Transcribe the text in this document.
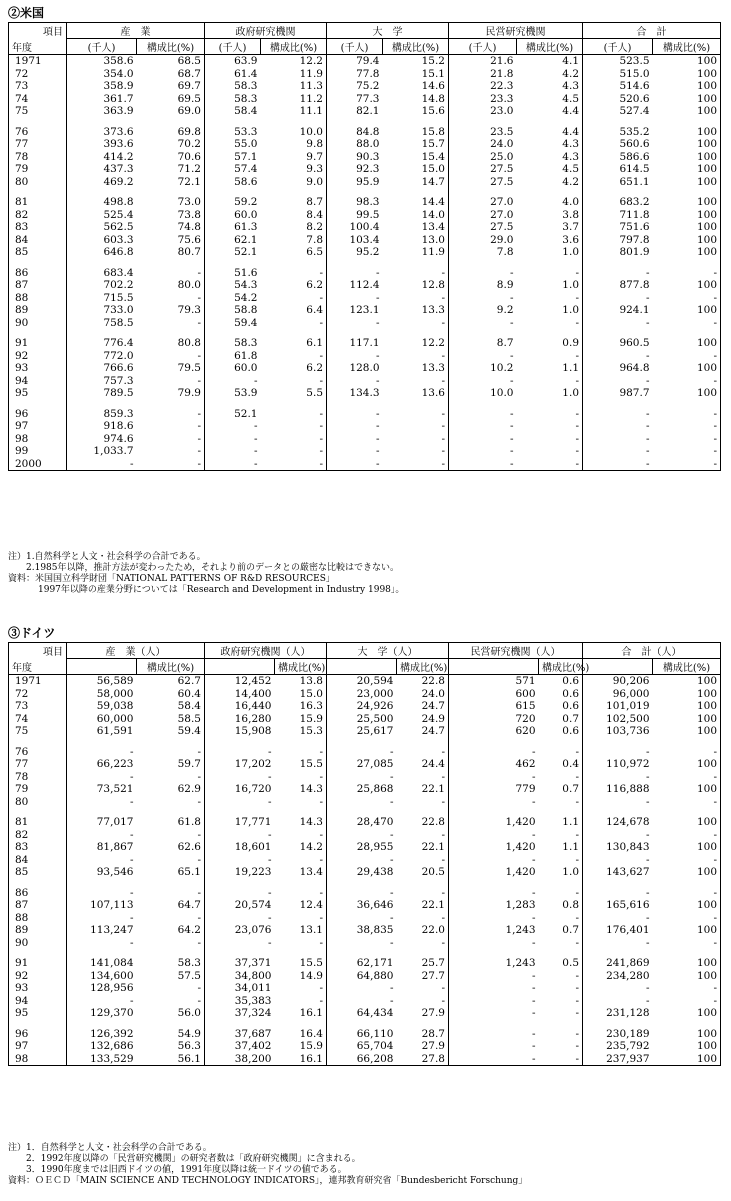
②米国
項目	産　業		政府研究機関		大　学		民営研究機関		合　計	
年度	(千人)	構成比(%)	(千人)	構成比(%)	(千人)	構成比(%)	(千人)	構成比(%)	(千人)	構成比(%)
1971	358.6	68.5	63.9	12.2	79.4	15.2	21.6	4.1	523.5	100
72	354.0	68.7	61.4	11.9	77.8	15.1	21.8	4.2	515.0	100
73	358.9	69.7	58.3	11.3	75.2	14.6	22.3	4.3	514.6	100
74	361.7	69.5	58.3	11.2	77.3	14.8	23.3	4.5	520.6	100
75	363.9	69.0	58.4	11.1	82.1	15.6	23.0	4.4	527.4	100

76	373.6	69.8	53.3	10.0	84.8	15.8	23.5	4.4	535.2	100
77	393.6	70.2	55.0	9.8	88.0	15.7	24.0	4.3	560.6	100
78	414.2	70.6	57.1	9.7	90.3	15.4	25.0	4.3	586.6	100
79	437.3	71.2	57.4	9.3	92.3	15.0	27.5	4.5	614.5	100
80	469.2	72.1	58.6	9.0	95.9	14.7	27.5	4.2	651.1	100

81	498.8	73.0	59.2	8.7	98.3	14.4	27.0	4.0	683.2	100
82	525.4	73.8	60.0	8.4	99.5	14.0	27.0	3.8	711.8	100
83	562.5	74.8	61.3	8.2	100.4	13.4	27.5	3.7	751.6	100
84	603.3	75.6	62.1	7.8	103.4	13.0	29.0	3.6	797.8	100
85	646.8	80.7	52.1	6.5	95.2	11.9	7.8	1.0	801.9	100

86	683.4	-	51.6	-	-	-	-	-	-	-
87	702.2	80.0	54.3	6.2	112.4	12.8	8.9	1.0	877.8	100
88	715.5	-	54.2	-	-	-	-	-	-	-
89	733.0	79.3	58.8	6.4	123.1	13.3	9.2	1.0	924.1	100
90	758.5	-	59.4	-	-	-	-	-	-	-

91	776.4	80.8	58.3	6.1	117.1	12.2	8.7	0.9	960.5	100
92	772.0	-	61.8	-	-	-	-	-	-	-
93	766.6	79.5	60.0	6.2	128.0	13.3	10.2	1.1	964.8	100
94	757.3	-	-	-	-	-	-	-	-	-
95	789.5	79.9	53.9	5.5	134.3	13.6	10.0	1.0	987.7	100

96	859.3	-	52.1	-	-	-	-	-	-	-
97	918.6	-	-	-	-	-	-	-	-	-
98	974.6	-	-	-	-	-	-	-	-	-
99	1,033.7	-	-	-	-	-	-	-	-	-
2000	-	-	-	-	-	-	-	-	-	-
注）1.自然科学と人文・社会科学の合計である。
2.1985年以降，推計方法が変わったため，それより前のデータとの厳密な比較はできない。
資料：米国国立科学財団「NATIONAL PATTERNS OF R&D RESOURCES」
1997年以降の産業分野については「Research and Development in Industry 1998」。
③ドイツ
項目	産　業（人）		政府研究機関（人）		大　学（人）		民営研究機関（人）		合　計（人）	
年度		構成比(%)		構成比(%)		構成比(%)		構成比(%)		構成比(%)
1971	56,589	62.7	12,452	13.8	20,594	22.8	571	0.6	90,206	100
72	58,000	60.4	14,400	15.0	23,000	24.0	600	0.6	96,000	100
73	59,038	58.4	16,440	16.3	24,926	24.7	615	0.6	101,019	100
74	60,000	58.5	16,280	15.9	25,500	24.9	720	0.7	102,500	100
75	61,591	59.4	15,908	15.3	25,617	24.7	620	0.6	103,736	100

76	-	-	-	-	-	-	-	-	-	-
77	66,223	59.7	17,202	15.5	27,085	24.4	462	0.4	110,972	100
78	-	-	-	-	-	-	-	-	-	-
79	73,521	62.9	16,720	14.3	25,868	22.1	779	0.7	116,888	100
80	-	-	-	-	-	-	-	-	-	-

81	77,017	61.8	17,771	14.3	28,470	22.8	1,420	1.1	124,678	100
82	-	-	-	-	-	-	-	-	-	-
83	81,867	62.6	18,601	14.2	28,955	22.1	1,420	1.1	130,843	100
84	-	-	-	-	-	-	-	-	-	-
85	93,546	65.1	19,223	13.4	29,438	20.5	1,420	1.0	143,627	100

86	-	-	-	-	-	-	-	-	-	-
87	107,113	64.7	20,574	12.4	36,646	22.1	1,283	0.8	165,616	100
88	-	-	-	-	-	-	-	-	-	-
89	113,247	64.2	23,076	13.1	38,835	22.0	1,243	0.7	176,401	100
90	-	-	-	-	-	-	-	-	-	-

91	141,084	58.3	37,371	15.5	62,171	25.7	1,243	0.5	241,869	100
92	134,600	57.5	34,800	14.9	64,880	27.7	-	-	234,280	100
93	128,956	-	34,011	-	-	-	-	-	-	-
94	-	-	35,383	-	-	-	-	-	-	-
95	129,370	56.0	37,324	16.1	64,434	27.9	-	-	231,128	100

96	126,392	54.9	37,687	16.4	66,110	28.7	-	-	230,189	100
97	132,686	56.3	37,402	15.9	65,704	27.9	-	-	235,792	100
98	133,529	56.1	38,200	16.1	66,208	27.8	-	-	237,937	100
注）1．自然科学と人文・社会科学の合計である。
2．1992年度以降の「民営研究機関」の研究者数は「政府研究機関」に含まれる。
3．1990年度までは旧西ドイツの値，1991年度以降は統一ドイツの値である。
資料：ＯＥＣＤ「MAIN SCIENCE AND TECHNOLOGY INDICATORS」，連邦教育研究省「Bundesbericht Forschung」
